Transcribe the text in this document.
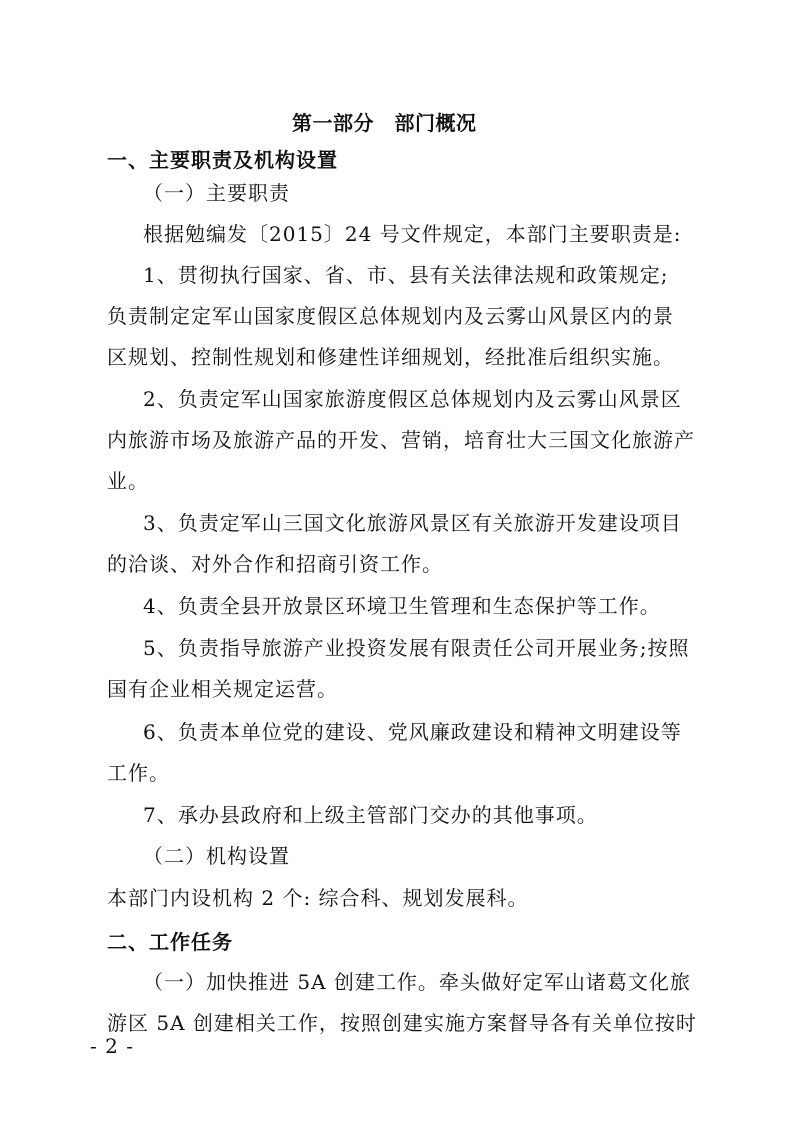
第一部分　部门概况

一、主要职责及机构设置

（一）主要职责

根据勉编发〔2015〕24 号文件规定，本部门主要职责是:

1、贯彻执行国家、省、市、县有关法律法规和政策规定;

负责制定定军山国家度假区总体规划内及云雾山风景区内的景

区规划、控制性规划和修建性详细规划，经批准后组织实施。

2、负责定军山国家旅游度假区总体规划内及云雾山风景区

内旅游市场及旅游产品的开发、营销，培育壮大三国文化旅游产

业。

3、负责定军山三国文化旅游风景区有关旅游开发建设项目

的洽谈、对外合作和招商引资工作。

4、负责全县开放景区环境卫生管理和生态保护等工作。

5、负责指导旅游产业投资发展有限责任公司开展业务;按照

国有企业相关规定运营。

6、负责本单位党的建设、党风廉政建设和精神文明建设等

工作。

7、承办县政府和上级主管部门交办的其他事项。

（二）机构设置

本部门内设机构 2 个: 综合科、规划发展科。

二、工作任务

（一）加快推进 5A 创建工作。牵头做好定军山诸葛文化旅

游区 5A 创建相关工作，按照创建实施方案督导各有关单位按时

- 2 -
